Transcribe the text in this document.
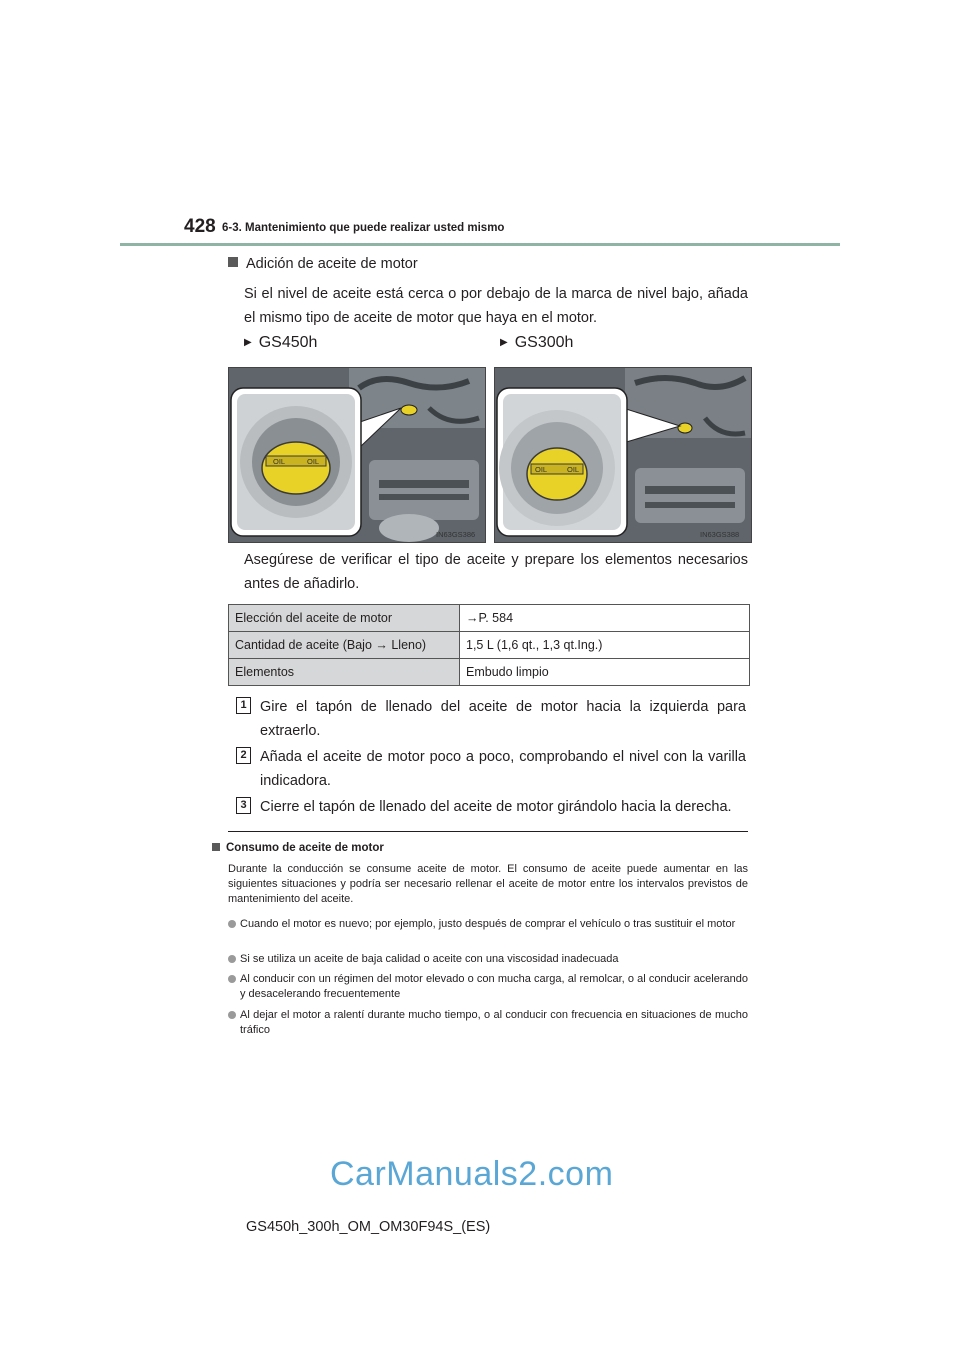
428 6-3. Mantenimiento que puede realizar usted mismo
Adición de aceite de motor
Si el nivel de aceite está cerca o por debajo de la marca de nivel bajo, añada el mismo tipo de aceite de motor que haya en el motor.
▶ GS450h	▶ GS300h
OIL	OIL
IN63GS386
OIL	OIL
IN63GS388
Asegúrese de verificar el tipo de aceite y prepare los elementos necesarios antes de añadirlo.
Elección del aceite de motor	→P. 584
Cantidad de aceite (Bajo → Lleno)	1,5 L (1,6 qt., 1,3 qt.Ing.)
Elementos	Embudo limpio
1 Gire el tapón de llenado del aceite de motor hacia la izquierda para extraerlo.
2 Añada el aceite de motor poco a poco, comprobando el nivel con la varilla indicadora.
3 Cierre el tapón de llenado del aceite de motor girándolo hacia la derecha.
Consumo de aceite de motor
Durante la conducción se consume aceite de motor. El consumo de aceite puede aumentar en las siguientes situaciones y podría ser necesario rellenar el aceite de motor entre los intervalos previstos de mantenimiento del aceite.
Cuando el motor es nuevo; por ejemplo, justo después de comprar el vehículo o tras sustituir el motor
Si se utiliza un aceite de baja calidad o aceite con una viscosidad inadecuada
Al conducir con un régimen del motor elevado o con mucha carga, al remolcar, o al conducir acelerando y desacelerando frecuentemente
Al dejar el motor a ralentí durante mucho tiempo, o al conducir con frecuencia en situaciones de mucho tráfico
CarManuals2.com
GS450h_300h_OM_OM30F94S_(ES)
